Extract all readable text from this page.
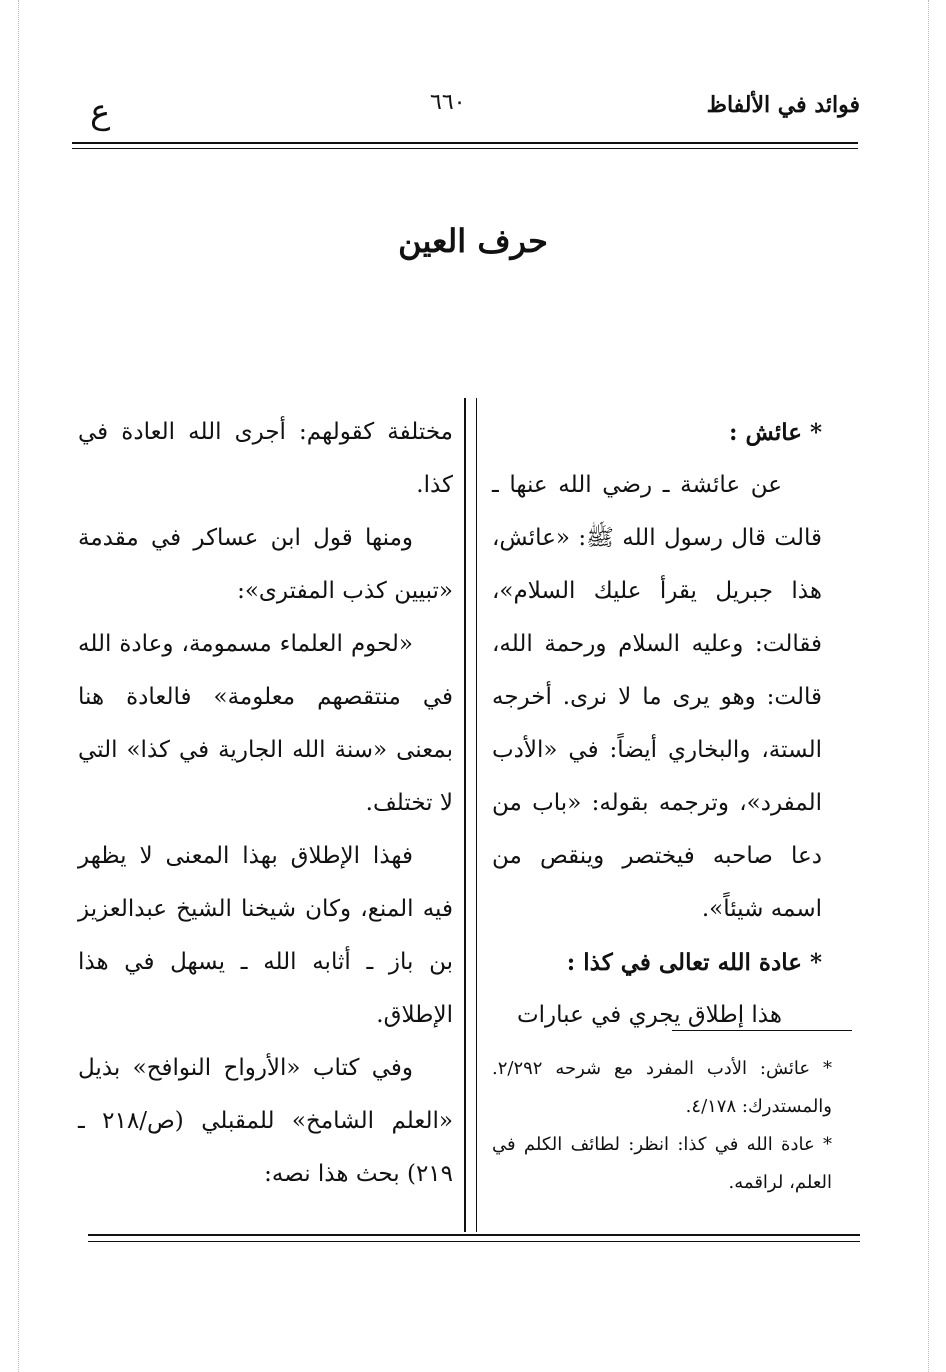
فوائد في الألفاظ
٦٦٠
ع
حرف العين

* عائش :

عن عائشة ـ رضي الله عنها ـ قالت قال رسول الله ﷺ: «عائش، هذا جبريل يقرأ عليك السلام»، فقالت: وعليه السلام ورحمة الله، قالت: وهو يرى ما لا نرى. أخرجه الستة، والبخاري أيضاً: في «الأدب المفرد»، وترجمه بقوله: «باب من دعا صاحبه فيختصر وينقص من اسمه شيئاً».

* عادة الله تعالى في كذا :

هذا إطلاق يجري في عبارات

مختلفة كقولهم: أجرى الله العادة في كذا.

ومنها قول ابن عساكر في مقدمة «تبيين كذب المفترى»:

«لحوم العلماء مسمومة، وعادة الله في منتقصهم معلومة» فالعادة هنا بمعنى «سنة الله الجارية في كذا» التي لا تختلف.

فهذا الإطلاق بهذا المعنى لا يظهر فيه المنع، وكان شيخنا الشيخ عبدالعزيز بن باز ـ أثابه الله ـ يسهل في هذا الإطلاق.

وفي كتاب «الأرواح النوافح» بذيل «العلم الشامخ» للمقبلي (ص/٢١٨ ـ ٢١٩) بحث هذا نصه:

* عائش: الأدب المفرد مع شرحه ٢/٢٩٢. والمستدرك: ٤/١٧٨.

* عادة الله في كذا: انظر: لطائف الكلم في العلم، لراقمه.
